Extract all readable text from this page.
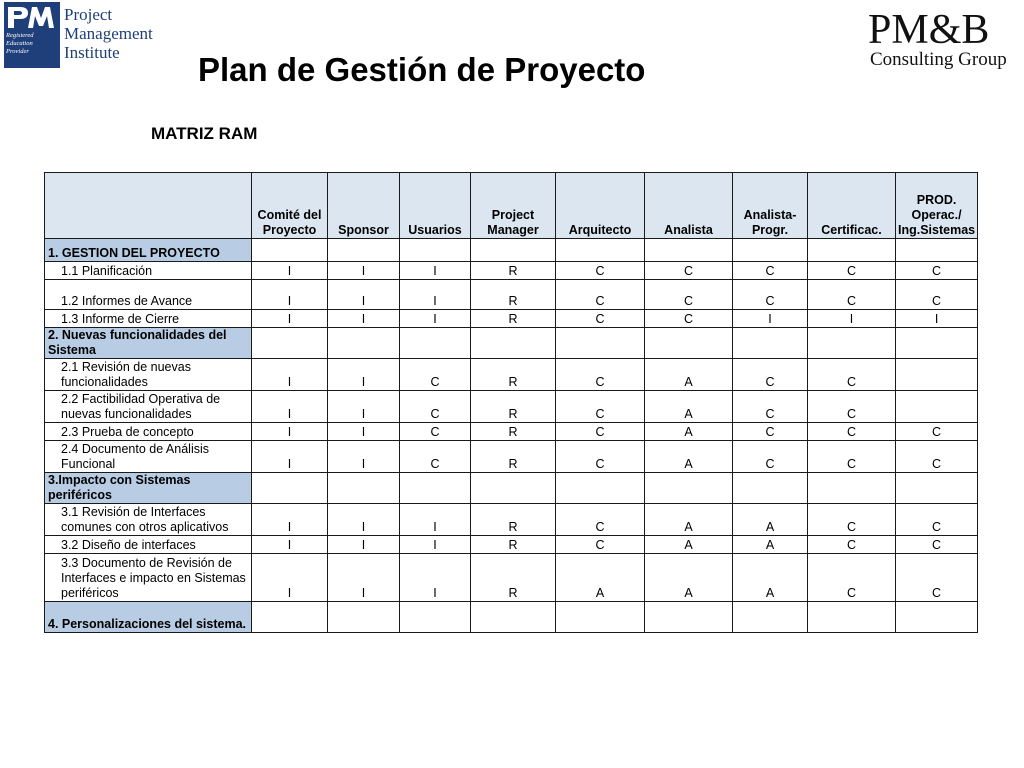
Registered
Education
Provider
Project
Management
Institute	PM&B
Consulting Group
Plan de Gestión de Proyecto
MATRIZ RAM
	Comité del Proyecto	Sponsor	Usuarios	Project Manager	Arquitecto	Analista	Analista- Progr.	Certificac.	PROD. Operac./ Ing.Sistemas
1. GESTION DEL PROYECTO									
1.1 Planificación	I	I	I	R	C	C	C	C	C
1.2 Informes de Avance	I	I	I	R	C	C	C	C	C
1.3 Informe de Cierre	I	I	I	R	C	C	I	I	I
2. Nuevas funcionalidades del Sistema									
2.1 Revisión de nuevas funcionalidades	I	I	C	R	C	A	C	C	
2.2 Factibilidad Operativa de nuevas funcionalidades	I	I	C	R	C	A	C	C	
2.3 Prueba de concepto	I	I	C	R	C	A	C	C	C
2.4 Documento de Análisis Funcional	I	I	C	R	C	A	C	C	C
3.Impacto con Sistemas periféricos									
3.1 Revisión de Interfaces comunes con otros aplicativos	I	I	I	R	C	A	A	C	C
3.2 Diseño de interfaces	I	I	I	R	C	A	A	C	C
3.3 Documento de Revisión de Interfaces e impacto en Sistemas periféricos	I	I	I	R	A	A	A	C	C
4. Personalizaciones del sistema.									
